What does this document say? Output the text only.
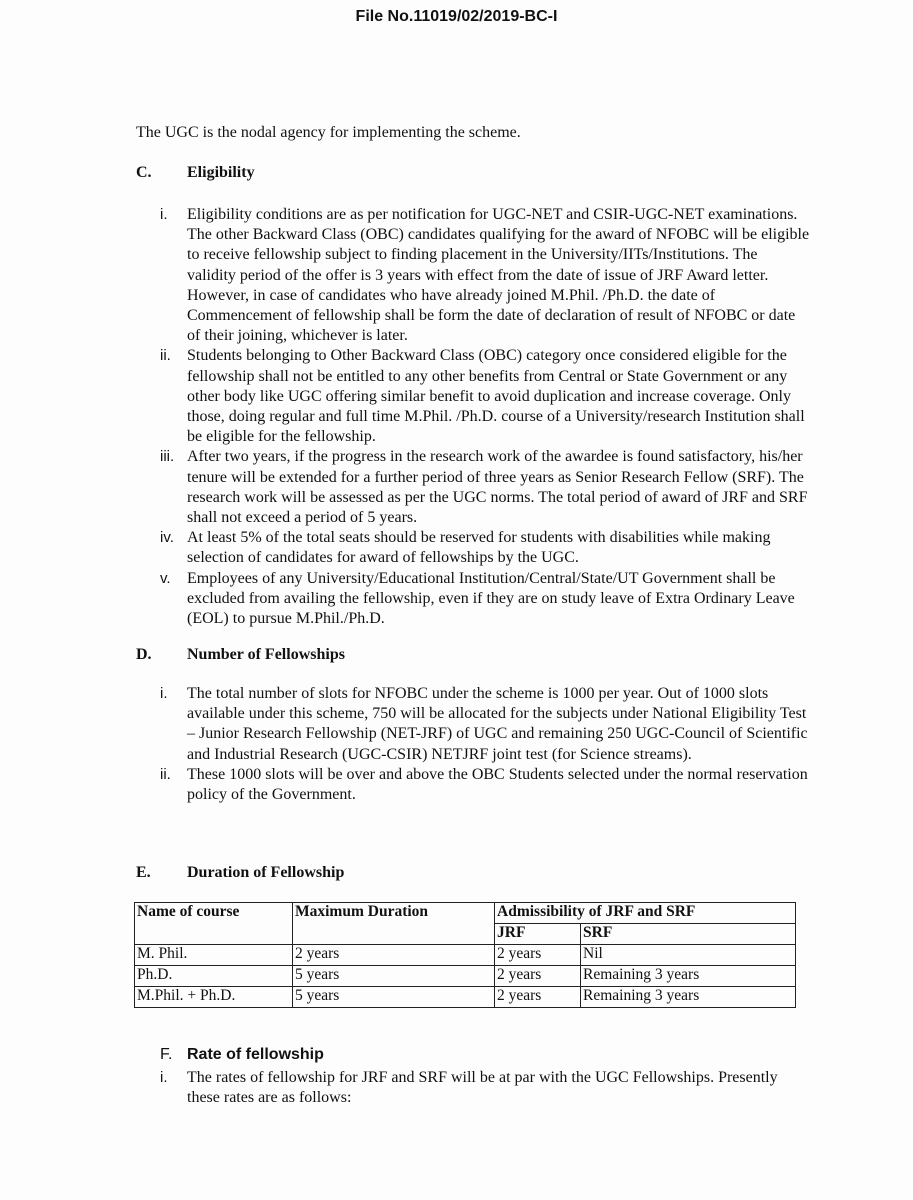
File No.11019/02/2019-BC-I
The UGC is the nodal agency for implementing the scheme.
C. Eligibility
i.	Eligibility conditions are as per notification for UGC-NET and CSIR-UGC-NET examinations. The other Backward Class (OBC) candidates qualifying for the award of NFOBC will be eligible to receive fellowship subject to finding placement in the University/IITs/Institutions. The validity period of the offer is 3 years with effect from the date of issue of JRF Award letter. However, in case of candidates who have already joined M.Phil. /Ph.D. the date of Commencement of fellowship shall be form the date of declaration of result of NFOBC or date of their joining, whichever is later.
ii.	Students belonging to Other Backward Class (OBC) category once considered eligible for the fellowship shall not be entitled to any other benefits from Central or State Government or any other body like UGC offering similar benefit to avoid duplication and increase coverage. Only those, doing regular and full time M.Phil. /Ph.D. course of a University/research Institution shall be eligible for the fellowship.
iii. After two years, if the progress in the research work of the awardee is found satisfactory, his/her tenure will be extended for a further period of three years as Senior Research Fellow (SRF). The research work will be assessed as per the UGC norms. The total period of award of JRF and SRF shall not exceed a period of 5 years.
iv. At least 5% of the total seats should be reserved for students with disabilities while making selection of candidates for award of fellowships by the UGC.
v.	Employees of any University/Educational Institution/Central/State/UT Government shall be excluded from availing the fellowship, even if they are on study leave of Extra Ordinary Leave (EOL) to pursue M.Phil./Ph.D.
D. Number of Fellowships
i.	The total number of slots for NFOBC under the scheme is 1000 per year. Out of 1000 slots available under this scheme, 750 will be allocated for the subjects under National Eligibility Test – Junior Research Fellowship (NET-JRF) of UGC and remaining 250 UGC-Council of Scientific and Industrial Research (UGC-CSIR) NETJRF joint test (for Science streams).
ii.	These 1000 slots will be over and above the OBC Students selected under the normal reservation policy of the Government.
E. Duration of Fellowship
Name of course	Maximum Duration	Admissibility of JRF and SRF	
		JRF	SRF
M. Phil.	2 years	2 years	Nil
Ph.D.	5 years	2 years	Remaining 3 years
M.Phil. + Ph.D.	5 years	2 years	Remaining 3 years
F. Rate of fellowship
i.	The rates of fellowship for JRF and SRF will be at par with the UGC Fellowships. Presently these rates are as follows:
